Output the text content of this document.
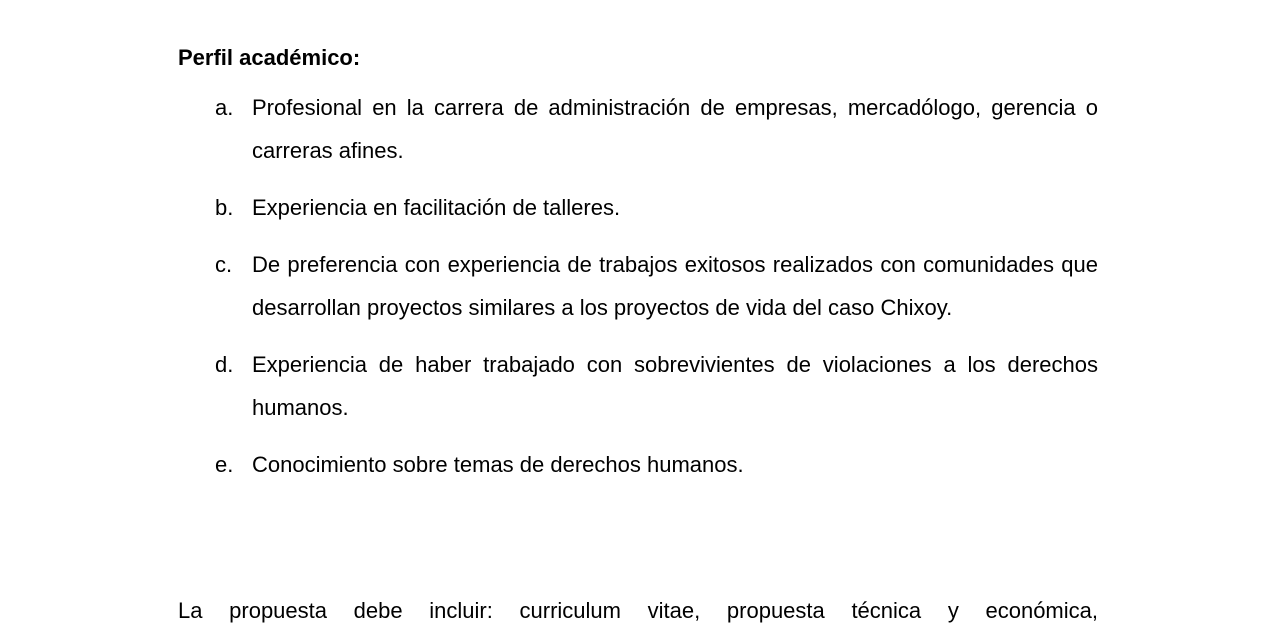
Perfil académico:
a. Profesional en la carrera de administración de empresas, mercadólogo, gerencia o carreras afines.
b. Experiencia en facilitación de talleres.
c. De preferencia con experiencia de trabajos exitosos realizados con comunidades que desarrollan proyectos similares a los proyectos de vida del caso Chixoy.
d. Experiencia de haber trabajado con sobrevivientes de violaciones a los derechos humanos.
e. Conocimiento sobre temas de derechos humanos.
La propuesta debe incluir: curriculum vitae, propuesta técnica y económica,
